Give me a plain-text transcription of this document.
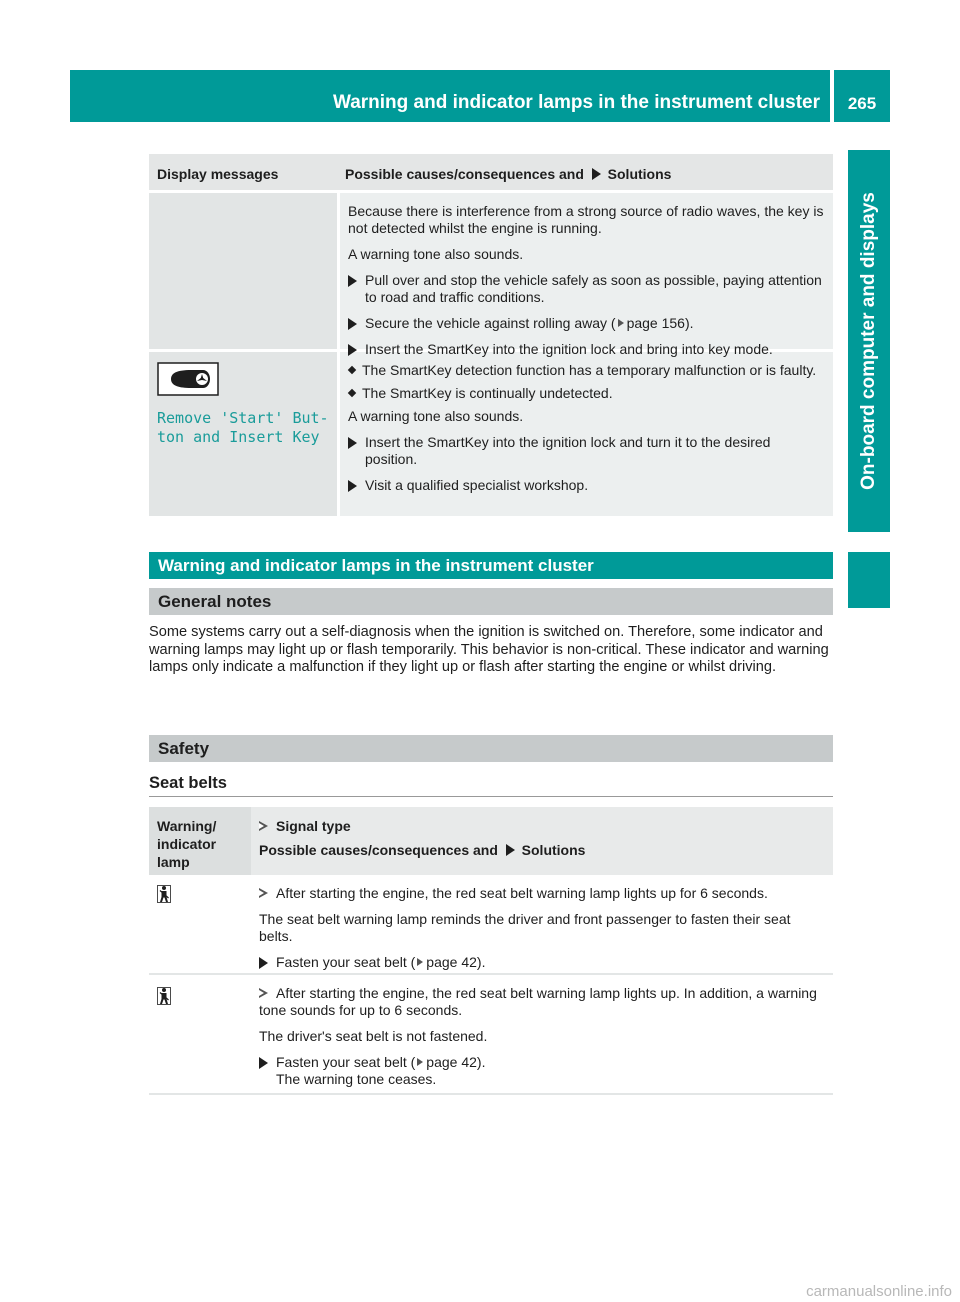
Warning and indicator lamps in the instrument cluster	265
On-board computer and displays
Display messages	Possible causes/consequences and Solutions

Because there is interference from a strong source of radio waves, the key is not detected whilst the engine is running.

A warning tone also sounds.

Pull over and stop the vehicle safely as soon as possible, paying attention to road and traffic conditions.
Secure the vehicle against rolling away ( page 156).
Insert the SmartKey into the ignition lock and bring into key mode.
Remove 'Start' But‐
ton and Insert Key
The SmartKey detection function has a temporary malfunction or is faulty.
The SmartKey is continually undetected.

A warning tone also sounds.

Insert the SmartKey into the ignition lock and turn it to the desired position.
Visit a qualified specialist workshop.
Warning and indicator lamps in the instrument cluster
General notes
Some systems carry out a self-diagnosis when the ignition is switched on. Therefore, some indicator and warning lamps may light up or flash temporarily. This behavior is non-critical. These indicator and warning lamps only indicate a malfunction if they light up or flash after starting the engine or whilst driving.
Safety
Seat belts
Warning/
indicator
lamp
Signal type
Possible causes/consequences and Solutions

After starting the engine, the red seat belt warning lamp lights up for 6 seconds.

The seat belt warning lamp reminds the driver and front passenger to fasten their seat belts.

Fasten your seat belt ( page 42).

After starting the engine, the red seat belt warning lamp lights up. In addition, a warning tone sounds for up to 6 seconds.

The driver's seat belt is not fastened.

Fasten your seat belt ( page 42).
The warning tone ceases.
carmanualsonline.info
